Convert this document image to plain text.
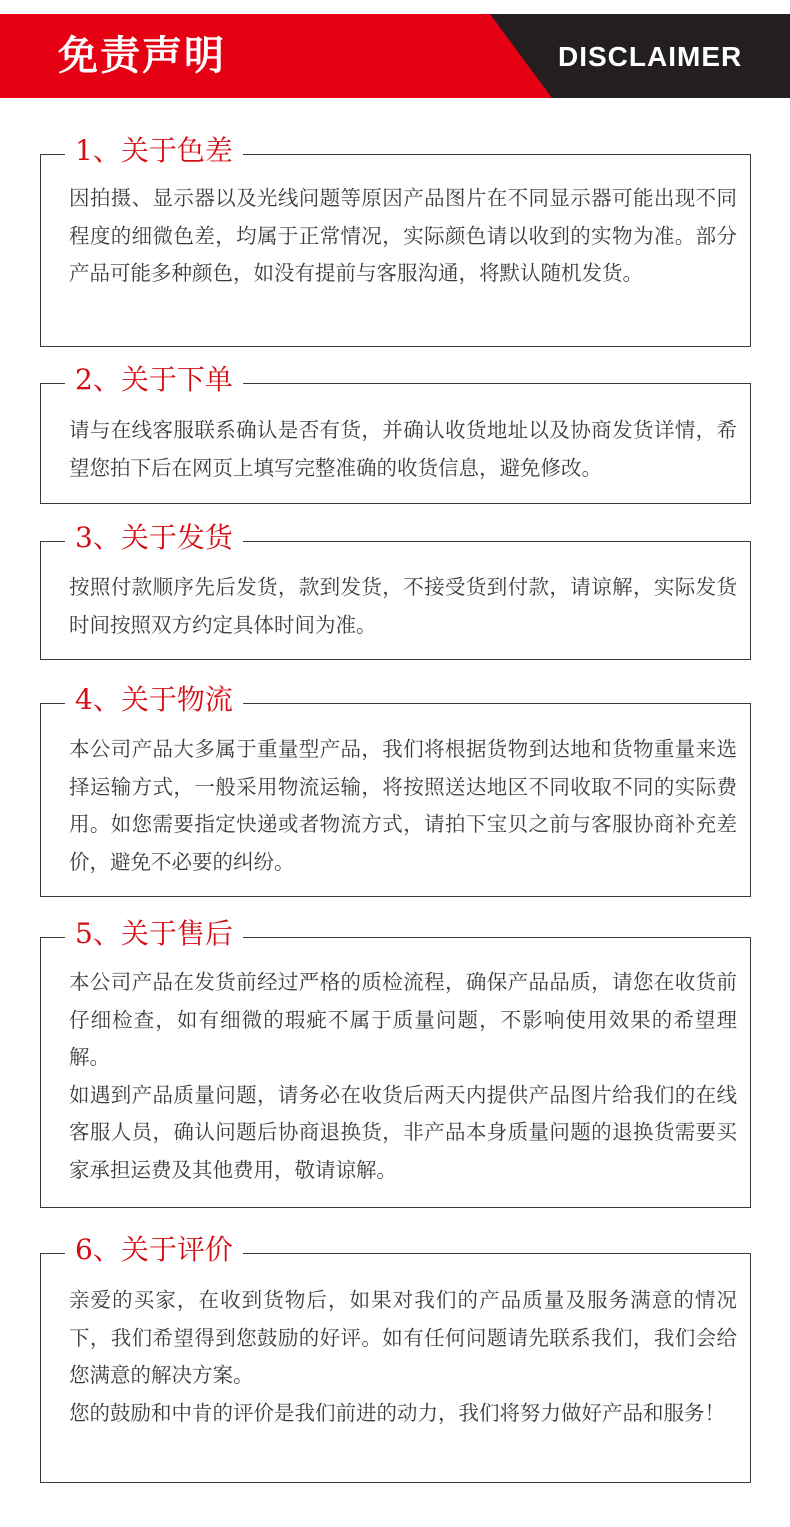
免责声明	DISCLAIMER
1、关于色差

因拍摄、显示器以及光线问题等原因产品图片在不同显示器可能出现不同程度的细微色差，均属于正常情况，实际颜色请以收到的实物为准。部分产品可能多种颜色，如没有提前与客服沟通，将默认随机发货。

2、关于下单

请与在线客服联系确认是否有货，并确认收货地址以及协商发货详情，希望您拍下后在网页上填写完整准确的收货信息，避免修改。

3、关于发货

按照付款顺序先后发货，款到发货，不接受货到付款，请谅解，实际发货时间按照双方约定具体时间为准。

4、关于物流

本公司产品大多属于重量型产品，我们将根据货物到达地和货物重量来选择运输方式，一般采用物流运输，将按照送达地区不同收取不同的实际费用。如您需要指定快递或者物流方式，请拍下宝贝之前与客服协商补充差价，避免不必要的纠纷。

5、关于售后

本公司产品在发货前经过严格的质检流程，确保产品品质，请您在收货前仔细检查，如有细微的瑕疵不属于质量问题，不影响使用效果的希望理解。

如遇到产品质量问题，请务必在收货后两天内提供产品图片给我们的在线客服人员，确认问题后协商退换货，非产品本身质量问题的退换货需要买家承担运费及其他费用，敬请谅解。

6、关于评价

亲爱的买家，在收到货物后，如果对我们的产品质量及服务满意的情况下，我们希望得到您鼓励的好评。如有任何问题请先联系我们，我们会给您满意的解决方案。

您的鼓励和中肯的评价是我们前进的动力，我们将努力做好产品和服务！
